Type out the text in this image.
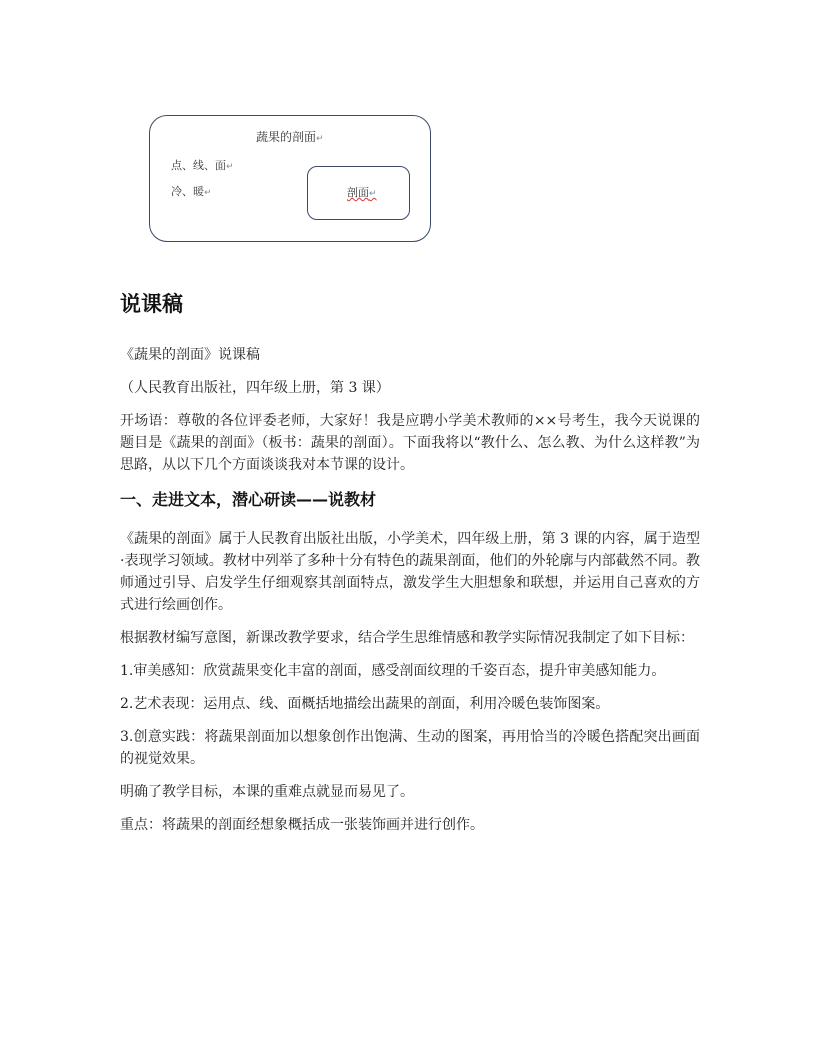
蔬果的剖面↵
点、线、面↵
冷、暖↵	剖面↵
说课稿

《蔬果的剖面》说课稿

（人民教育出版社，四年级上册，第 3 课）

开场语：尊敬的各位评委老师，大家好！我是应聘小学美术教师的××号考生，我今天说课的题目是《蔬果的剖面》（板书：蔬果的剖面）。下面我将以“教什么、怎么教、为什么这样教”为思路，从以下几个方面谈谈我对本节课的设计。

一、走进文本，潜心研读——说教材

《蔬果的剖面》属于人民教育出版社出版，小学美术，四年级上册，第 3 课的内容，属于造型·表现学习领域。教材中列举了多种十分有特色的蔬果剖面，他们的外轮廓与内部截然不同。教师通过引导、启发学生仔细观察其剖面特点，激发学生大胆想象和联想，并运用自己喜欢的方式进行绘画创作。

根据教材编写意图，新课改教学要求，结合学生思维情感和教学实际情况我制定了如下目标：

1.审美感知：欣赏蔬果变化丰富的剖面，感受剖面纹理的千姿百态，提升审美感知能力。

2.艺术表现：运用点、线、面概括地描绘出蔬果的剖面，利用冷暖色装饰图案。

3.创意实践：将蔬果剖面加以想象创作出饱满、生动的图案，再用恰当的冷暖色搭配突出画面的视觉效果。

明确了教学目标，本课的重难点就显而易见了。

重点：将蔬果的剖面经想象概括成一张装饰画并进行创作。
